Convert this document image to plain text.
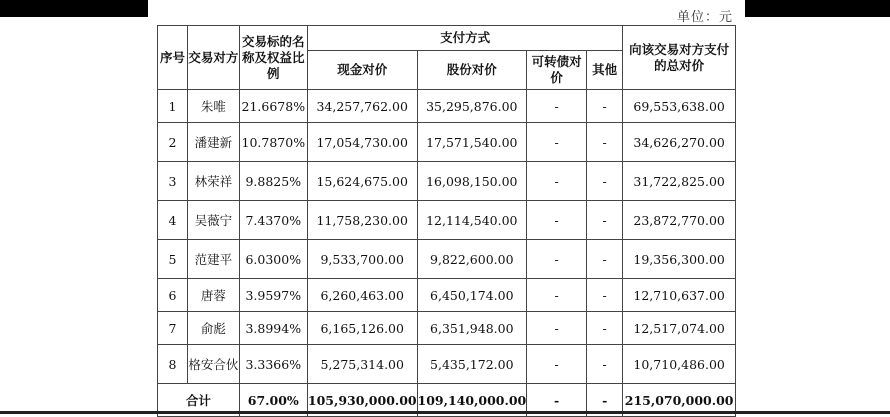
单位：元
序号	交易对方	交易标的名称及权益比例	支付方式				向该交易对方支付的总对价
			现金对价	股份对价	可转债对价	其他	
1	朱唯	21.6678%	34,257,762.00	35,295,876.00	-	-	69,553,638.00
2	潘建新	10.7870%	17,054,730.00	17,571,540.00	-	-	34,626,270.00
3	林荣祥	9.8825%	15,624,675.00	16,098,150.00	-	-	31,722,825.00
4	吴薇宁	7.4370%	11,758,230.00	12,114,540.00	-	-	23,872,770.00
5	范建平	6.0300%	9,533,700.00	9,822,600.00	-	-	19,356,300.00
6	唐蓉	3.9597%	6,260,463.00	6,450,174.00	-	-	12,710,637.00
7	俞彪	3.8994%	6,165,126.00	6,351,948.00	-	-	12,517,074.00
8	格安合伙	3.3366%	5,275,314.00	5,435,172.00	-	-	10,710,486.00
合计		67.00%	105,930,000.00	109,140,000.00	-	-	215,070,000.00
